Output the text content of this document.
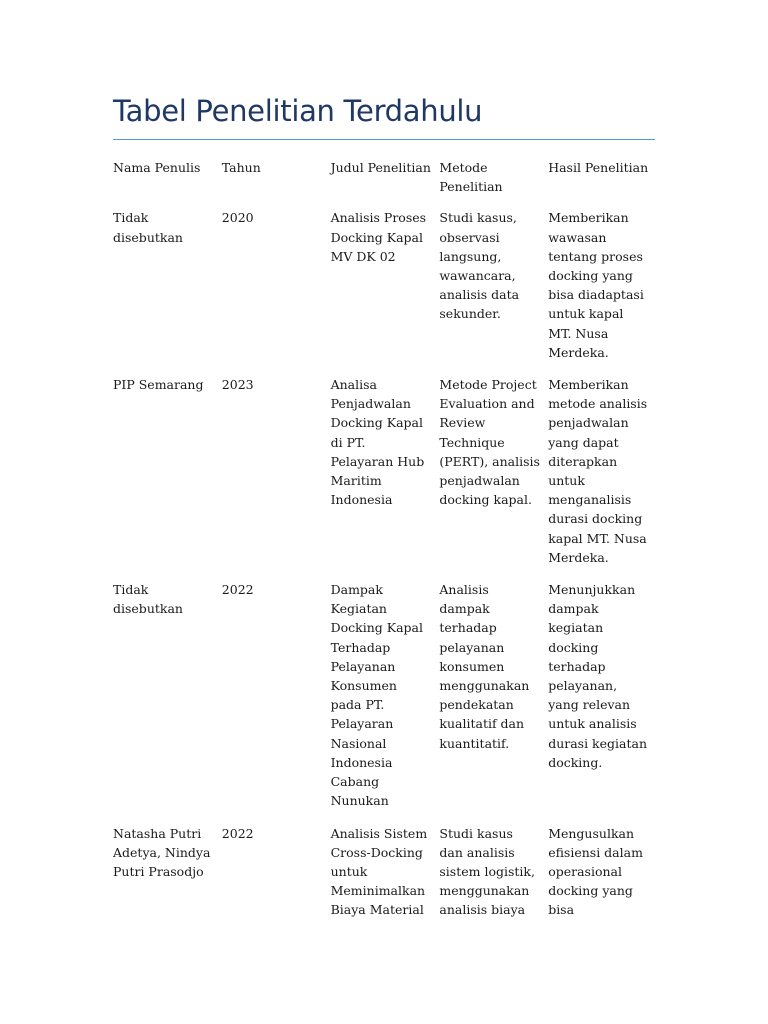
Tabel Penelitian Terdahulu
Nama Penulis	Tahun	Judul Penelitian	Metode Penelitian	Hasil Penelitian
Tidak disebutkan	2020	Analisis Proses Docking Kapal MV DK 02	Studi kasus, observasi langsung, wawancara, analisis data sekunder.	Memberikan wawasan tentang proses docking yang bisa diadaptasi untuk kapal MT. Nusa Merdeka.
PIP Semarang	2023	Analisa Penjadwalan Docking Kapal di PT. Pelayaran Hub Maritim Indonesia	Metode Project Evaluation and Review Technique (PERT), analisis penjadwalan docking kapal.	Memberikan metode analisis penjadwalan yang dapat diterapkan untuk menganalisis durasi docking kapal MT. Nusa Merdeka.
Tidak disebutkan	2022	Dampak Kegiatan Docking Kapal Terhadap Pelayanan Konsumen pada PT. Pelayaran Nasional Indonesia Cabang Nunukan	Analisis dampak terhadap pelayanan konsumen menggunakan pendekatan kualitatif dan kuantitatif.	Menunjukkan dampak kegiatan docking terhadap pelayanan, yang relevan untuk analisis durasi kegiatan docking.
Natasha Putri Adetya, Nindya Putri Prasodjo	2022	Analisis Sistem Cross-Docking untuk Meminimalkan Biaya Material	Studi kasus dan analisis sistem logistik, menggunakan analisis biaya	Mengusulkan efisiensi dalam operasional docking yang bisa
